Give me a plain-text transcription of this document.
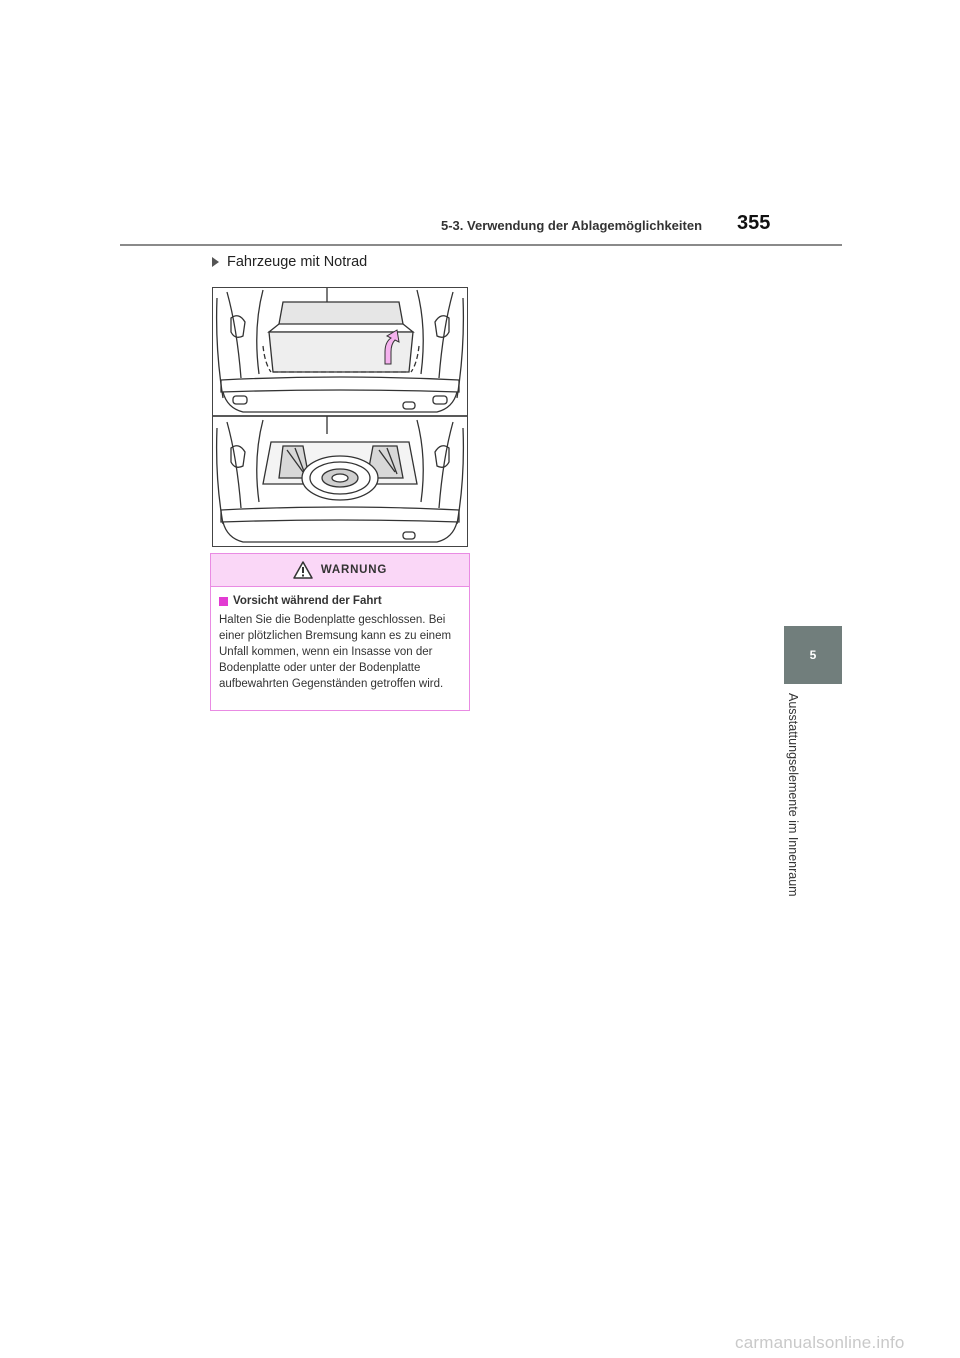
5-3. Verwendung der Ablagemöglichkeiten 355
5
Ausstattungselemente im Innenraum
Fahrzeuge mit Notrad
WARNUNG
Vorsicht während der Fahrt
Halten Sie die Bodenplatte geschlossen. Bei einer plötzlichen Bremsung kann es zu einem Unfall kommen, wenn ein Insasse von der Bodenplatte oder unter der Bodenplatte aufbewahrten Gegenständen getroffen wird.
carmanualsonline.info
